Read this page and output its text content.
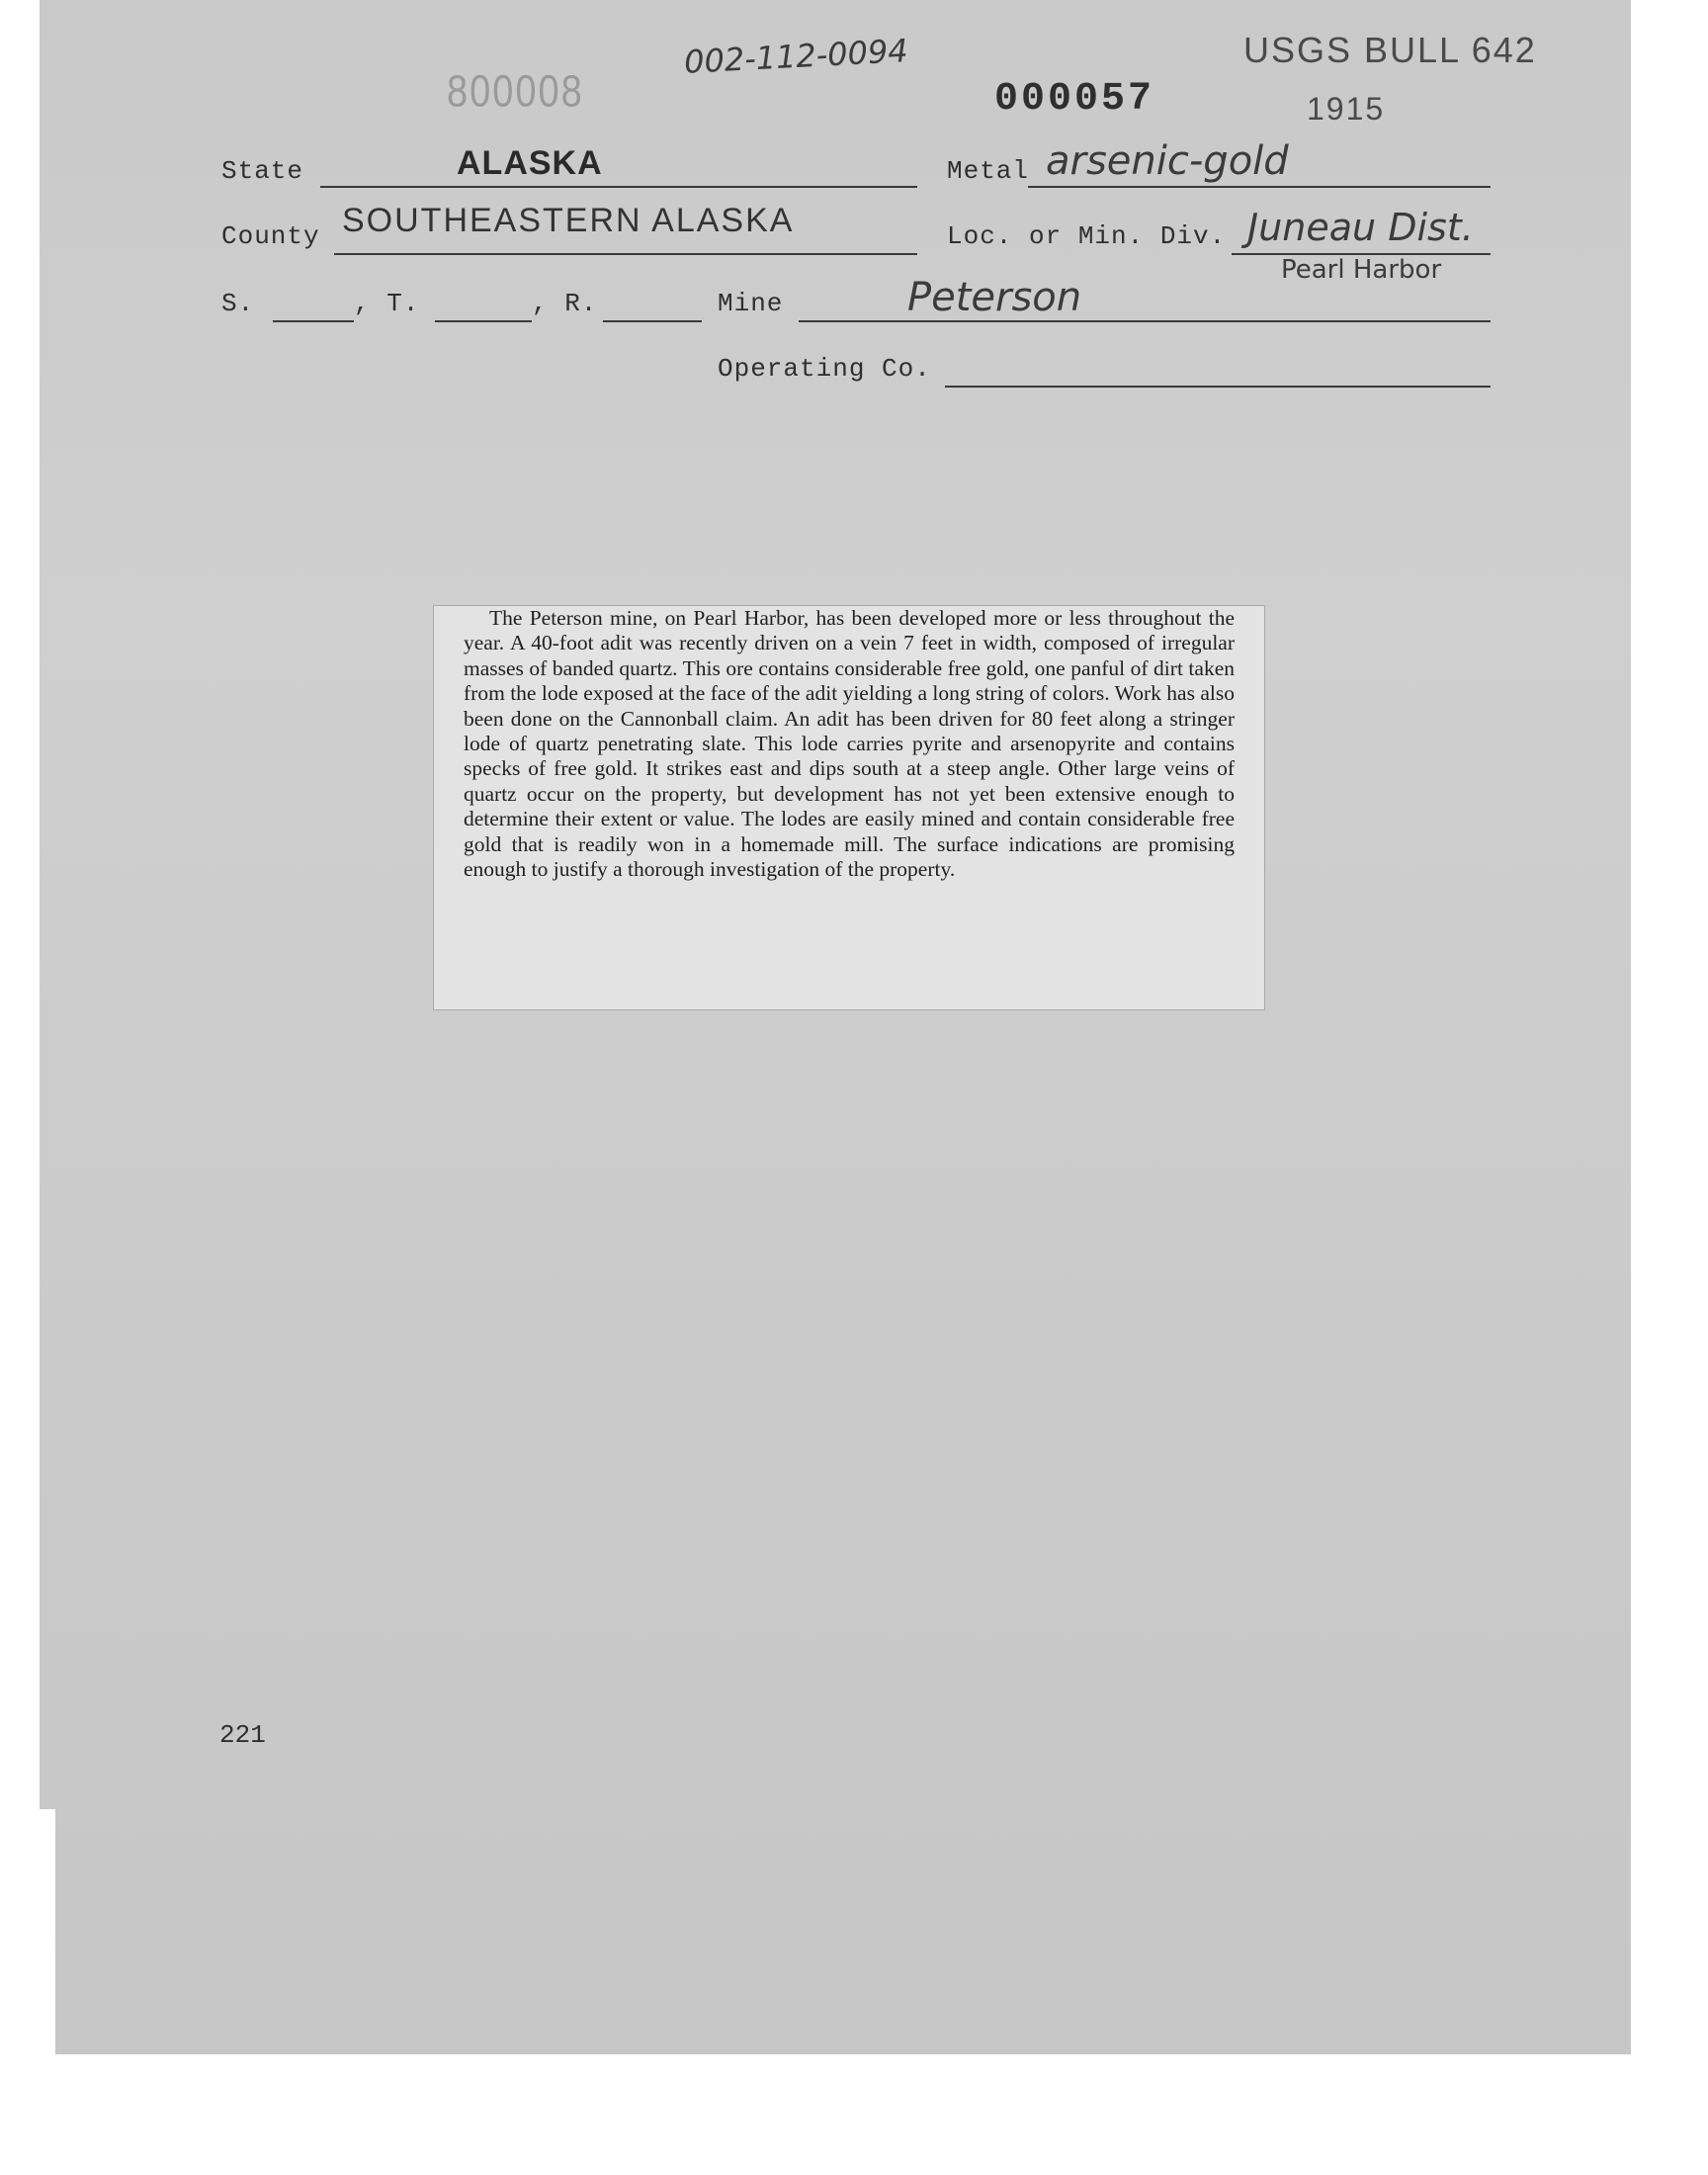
002-112-0094
800008	000057
USGS BULL 642
1915
State	ALASKA	Metal arsenic-gold
County SOUTHEASTERN ALASKA	Loc. or Min. Div. Juneau Dist.
Pearl Harbor
S.	, T.	, R.	Mine	Peterson
Operating Co.

The Peterson mine, on Pearl Harbor, has been developed more or less throughout the year. A 40-foot adit was recently driven on a vein 7 feet in width, composed of irregular masses of banded quartz. This ore contains considerable free gold, one panful of dirt taken from the lode exposed at the face of the adit yielding a long string of colors. Work has also been done on the Cannonball claim. An adit has been driven for 80 feet along a stringer lode of quartz penetrating slate. This lode carries pyrite and arsenopyrite and contains specks of free gold. It strikes east and dips south at a steep angle. Other large veins of quartz occur on the property, but development has not yet been extensive enough to determine their extent or value. The lodes are easily mined and contain considerable free gold that is readily won in a homemade mill. The surface indications are promising enough to justify a thorough investigation of the property.

221
